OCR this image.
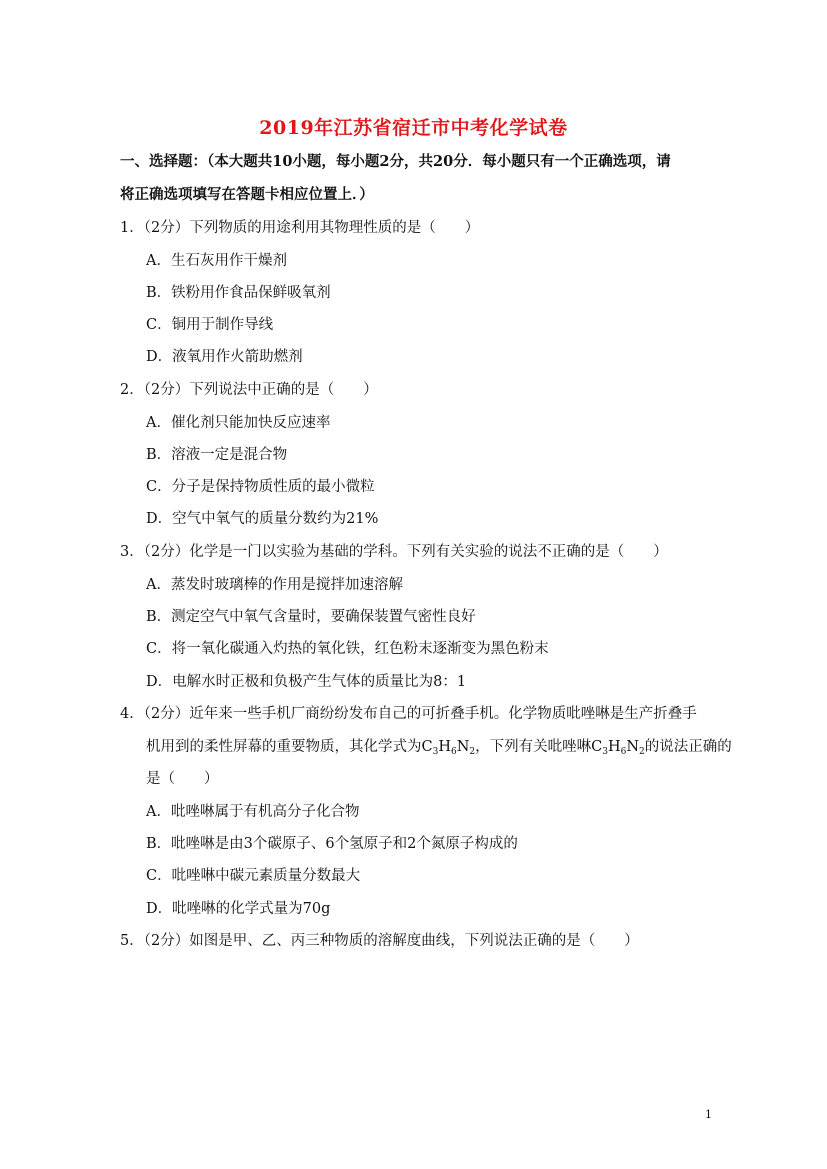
2019年江苏省宿迁市中考化学试卷
一、选择题：（本大题共10小题，每小题2分，共20分．每小题只有一个正确选项，请
将正确选项填写在答题卡相应位置上．）
1．（2分）下列物质的用途利用其物理性质的是（　　）
A．生石灰用作干燥剂
B．铁粉用作食品保鲜吸氧剂
C．铜用于制作导线
D．液氧用作火箭助燃剂
2．（2分）下列说法中正确的是（　　）
A．催化剂只能加快反应速率
B．溶液一定是混合物
C．分子是保持物质性质的最小微粒
D．空气中氧气的质量分数约为21%
3．（2分）化学是一门以实验为基础的学科。下列有关实验的说法不正确的是（　　）
A．蒸发时玻璃棒的作用是搅拌加速溶解
B．测定空气中氧气含量时，要确保装置气密性良好
C．将一氧化碳通入灼热的氧化铁，红色粉末逐渐变为黑色粉末
D．电解水时正极和负极产生气体的质量比为8：1
4．（2分）近年来一些手机厂商纷纷发布自己的可折叠手机。化学物质吡唑啉是生产折叠手
机用到的柔性屏幕的重要物质，其化学式为$C_3H_6N_2$，下列有关吡唑啉$C_3H_6N_2$的说法正确的
是（　　）
A．吡唑啉属于有机高分子化合物
B．吡唑啉是由3个碳原子、6个氢原子和2个氮原子构成的
C．吡唑啉中碳元素质量分数最大
D．吡唑啉的化学式量为70g
5．（2分）如图是甲、乙、丙三种物质的溶解度曲线，下列说法正确的是（　　）
1
